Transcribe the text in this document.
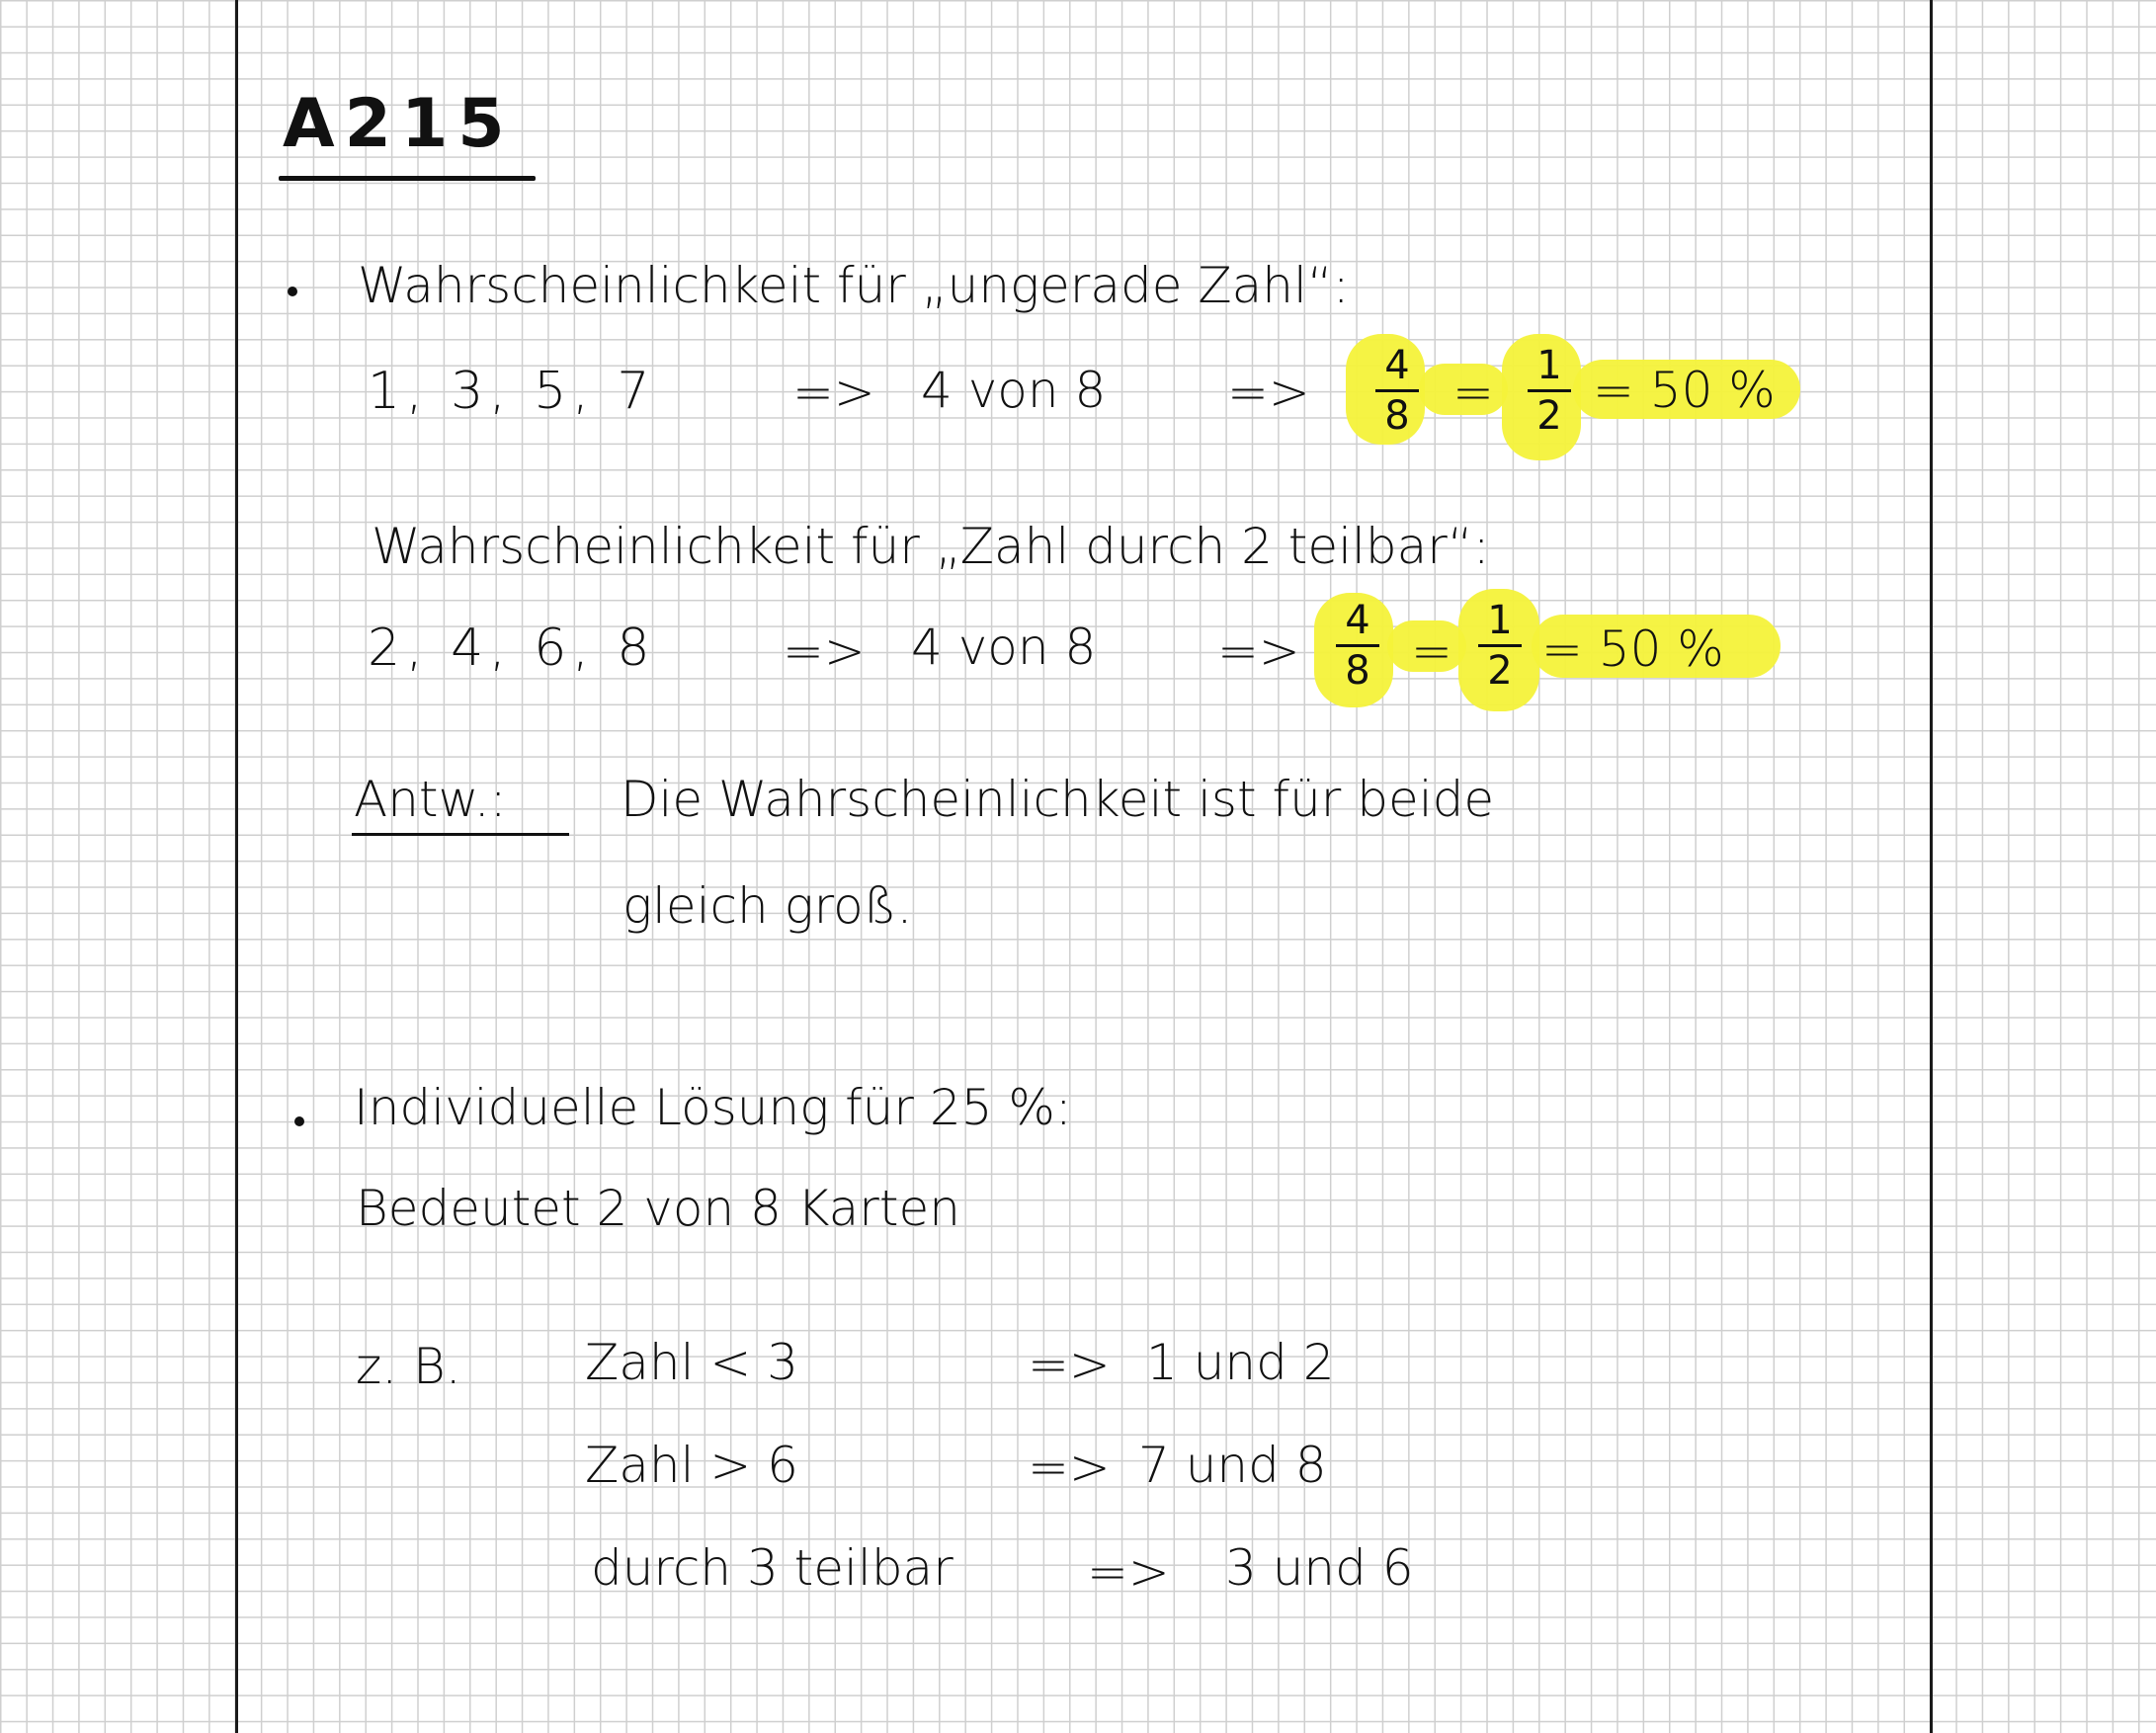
A215
Wahrscheinlichkeit für „ungerade Zahl“:
1, 3, 5, 7	=> 4 von 8 => 4
8 = 1
2 = 50 %
Wahrscheinlichkeit für „Zahl durch 2 teilbar“:
2, 4, 6, 8	=> 4 von 8 =>
4
8 =
1
2 = 50 %
Antw.: Die Wahrscheinlichkeit ist für beide
gleich groß.
Individuelle Lösung für 25 %:
Bedeutet 2 von 8 Karten
z. B.	Zahl < 3	=> 1 und 2
Zahl > 6	=> 7 und 8
durch 3 teilbar	=> 3 und 6
